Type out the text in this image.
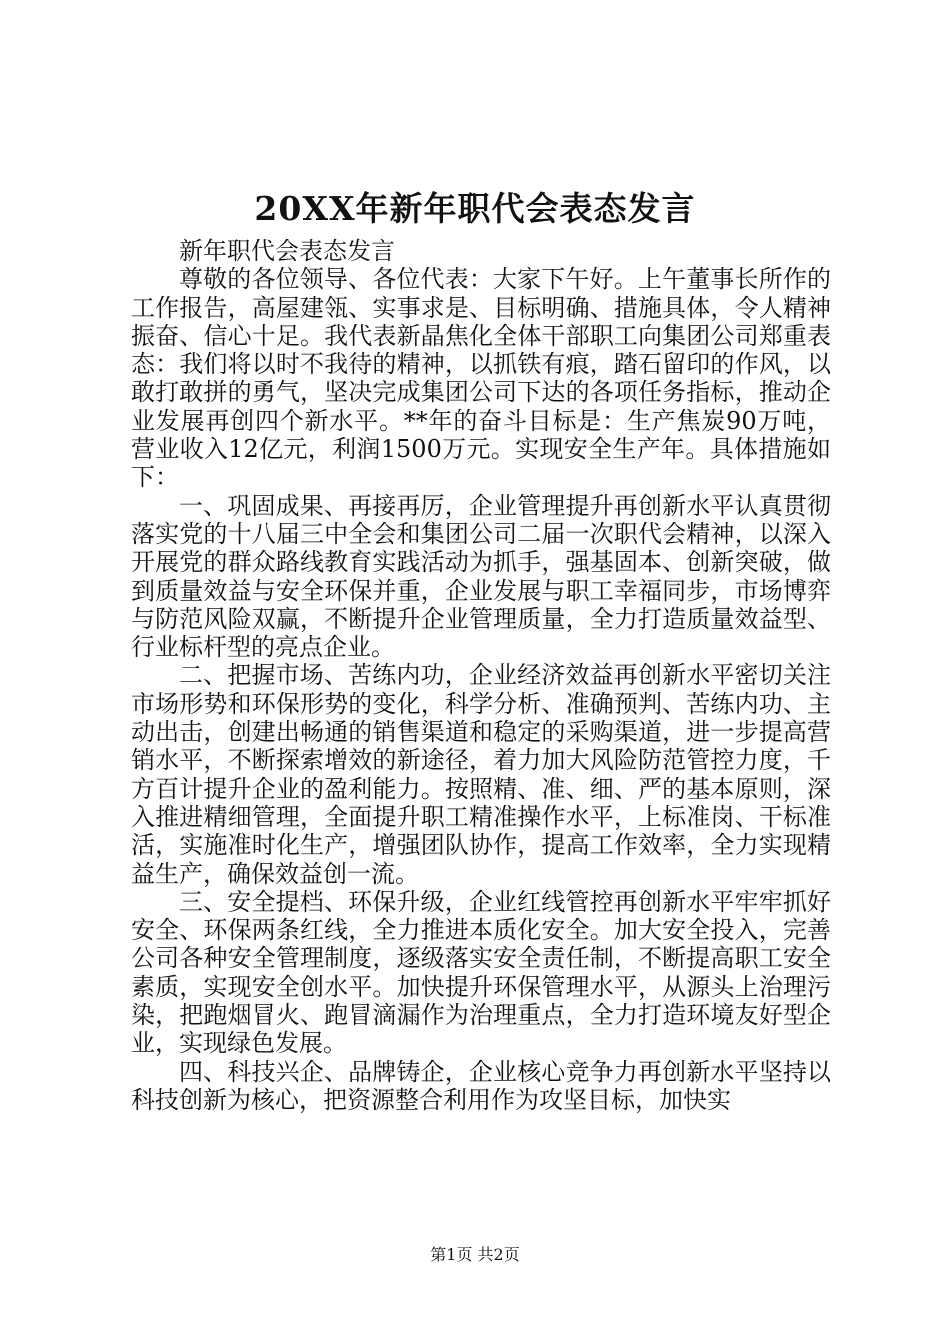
20XX年新年职代会表态发言

新年职代会表态发言

尊敬的各位领导、各位代表：大家下午好。上午董事长所作的工作报告，高屋建瓴、实事求是、目标明确、措施具体，令人精神振奋、信心十足。我代表新晶焦化全体干部职工向集团公司郑重表态：我们将以时不我待的精神，以抓铁有痕，踏石留印的作风，以敢打敢拼的勇气，坚决完成集团公司下达的各项任务指标，推动企业发展再创四个新水平。**年的奋斗目标是：生产焦炭90万吨，营业收入12亿元，利润1500万元。实现安全生产年。具体措施如下：

一、巩固成果、再接再厉，企业管理提升再创新水平认真贯彻落实党的十八届三中全会和集团公司二届一次职代会精神，以深入开展党的群众路线教育实践活动为抓手，强基固本、创新突破，做到质量效益与安全环保并重，企业发展与职工幸福同步，市场博弈与防范风险双赢，不断提升企业管理质量，全力打造质量效益型、行业标杆型的亮点企业。

二、把握市场、苦练内功，企业经济效益再创新水平密切关注市场形势和环保形势的变化，科学分析、准确预判、苦练内功、主动出击，创建出畅通的销售渠道和稳定的采购渠道，进一步提高营销水平，不断探索增效的新途径，着力加大风险防范管控力度，千方百计提升企业的盈利能力。按照精、准、细、严的基本原则，深入推进精细管理，全面提升职工精准操作水平，上标准岗、干标准活，实施准时化生产，增强团队协作，提高工作效率，全力实现精益生产，确保效益创一流。

三、安全提档、环保升级，企业红线管控再创新水平牢牢抓好安全、环保两条红线，全力推进本质化安全。加大安全投入，完善公司各种安全管理制度，逐级落实安全责任制，不断提高职工安全素质，实现安全创水平。加快提升环保管理水平，从源头上治理污染，把跑烟冒火、跑冒滴漏作为治理重点，全力打造环境友好型企业，实现绿色发展。

四、科技兴企、品牌铸企，企业核心竞争力再创新水平坚持以科技创新为核心，把资源整合利用作为攻坚目标，加快实

第1页 共2页
